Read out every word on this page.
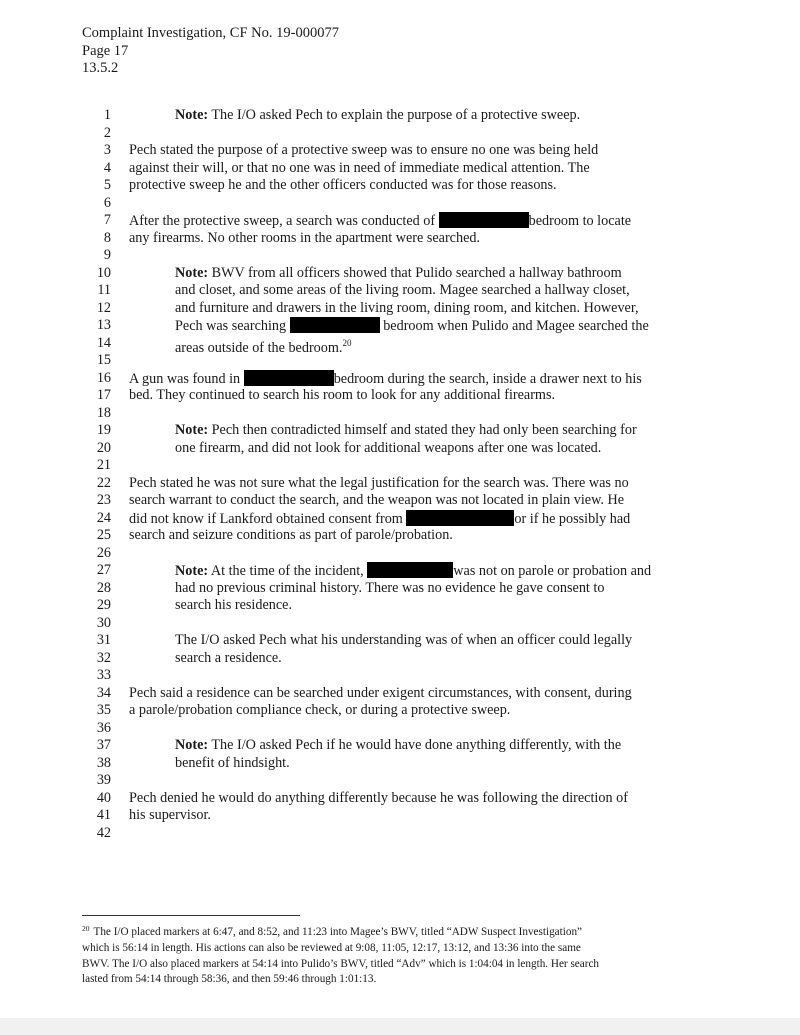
Complaint Investigation, CF No. 19-000077
Page 17
13.5.2
1
2
3
4
5
6
7
8
9
10
11
12
13
14
15
16
17
18
19
20
21
22
23
24
25
26
27
28
29
30
31
32
33
34
35
36
37
38
39
40
41
42
Note: The I/O asked Pech to explain the purpose of a protective sweep.
Pech stated the purpose of a protective sweep was to ensure no one was being held
against their will, or that no one was in need of immediate medical attention. The
protective sweep he and the other officers conducted was for those reasons.
After the protective sweep, a search was conducted of	bedroom to locate
any firearms. No other rooms in the apartment were searched.
Note: BWV from all officers showed that Pulido searched a hallway bathroom
and closet, and some areas of the living room. Magee searched a hallway closet,
and furniture and drawers in the living room, dining room, and kitchen. However,
Pech was searching	bedroom when Pulido and Magee searched the
areas outside of the bedroom.$^{20}$
A gun was found in	bedroom during the search, inside a drawer next to his
bed. They continued to search his room to look for any additional firearms.
Note: Pech then contradicted himself and stated they had only been searching for
one firearm, and did not look for additional weapons after one was located.
Pech stated he was not sure what the legal justification for the search was. There was no
search warrant to conduct the search, and the weapon was not located in plain view. He
did not know if Lankford obtained consent from	or if he possibly had
search and seizure conditions as part of parole/probation.
Note: At the time of the incident,	was not on parole or probation and
had no previous criminal history. There was no evidence he gave consent to
search his residence.
The I/O asked Pech what his understanding was of when an officer could legally
search a residence.
Pech said a residence can be searched under exigent circumstances, with consent, during
a parole/probation compliance check, or during a protective sweep.
Note: The I/O asked Pech if he would have done anything differently, with the
benefit of hindsight.
Pech denied he would do anything differently because he was following the direction of
his supervisor.
$^{20}$ The I/O placed markers at 6:47, and 8:52, and 11:23 into Magee’s BWV, titled “ADW Suspect Investigation”
which is 56:14 in length. His actions can also be reviewed at 9:08, 11:05, 12:17, 13:12, and 13:36 into the same
BWV. The I/O also placed markers at 54:14 into Pulido’s BWV, titled “Adv” which is 1:04:04 in length. Her search
lasted from 54:14 through 58:36, and then 59:46 through 1:01:13.
